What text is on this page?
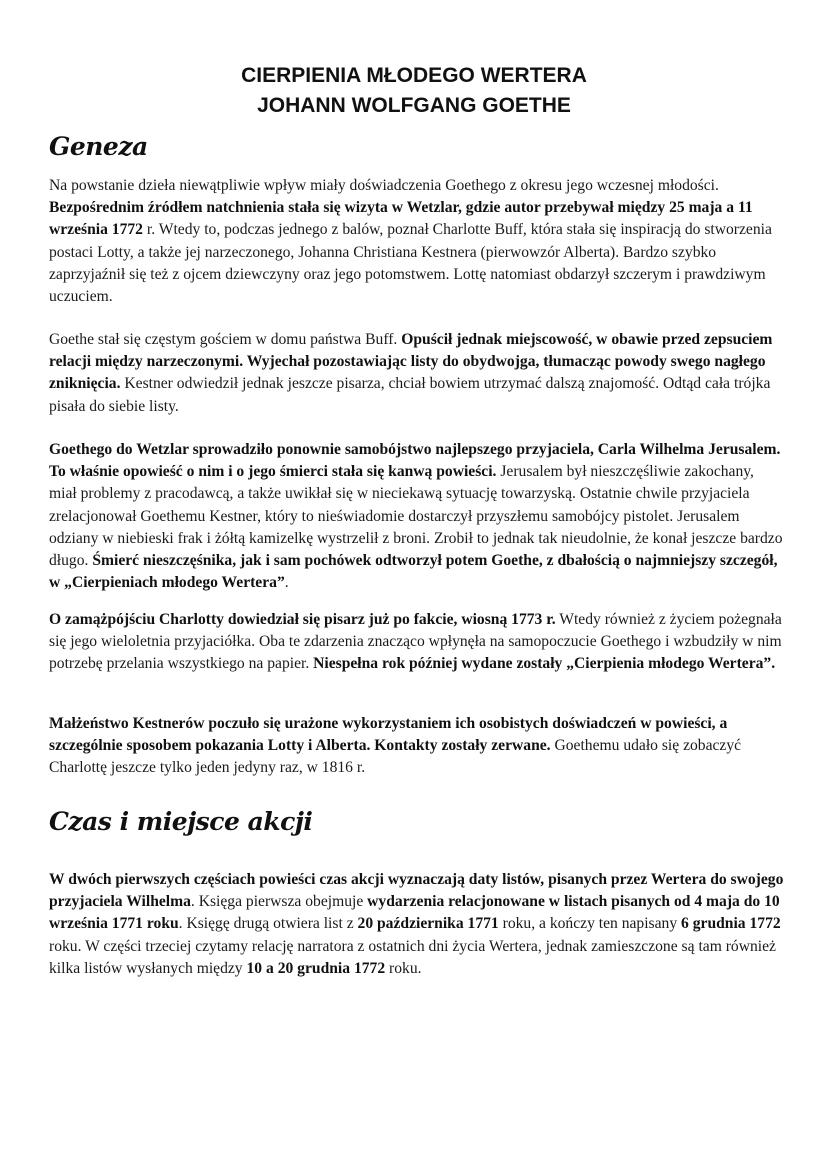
CIERPIENIA MŁODEGO WERTERA
JOHANN WOLFGANG GOETHE
Geneza
Na powstanie dzieła niewątpliwie wpływ miały doświadczenia Goethego z okresu jego wczesnej młodości. Bezpośrednim źródłem natchnienia stała się wizyta w Wetzlar, gdzie autor przebywał między 25 maja a 11 września 1772 r. Wtedy to, podczas jednego z balów, poznał Charlotte Buff, która stała się inspiracją do stworzenia postaci Lotty, a także jej narzeczonego, Johanna Christiana Kestnera (pierwowzór Alberta). Bardzo szybko zaprzyjaźnił się też z ojcem dziewczyny oraz jego potomstwem. Lottę natomiast obdarzył szczerym i prawdziwym uczuciem.
Goethe stał się częstym gościem w domu państwa Buff. Opuścił jednak miejscowość, w obawie przed zepsuciem relacji między narzeczonymi. Wyjechał pozostawiając listy do obydwojga, tłumacząc powody swego nagłego zniknięcia. Kestner odwiedził jednak jeszcze pisarza, chciał bowiem utrzymać dalszą znajomość. Odtąd cała trójka pisała do siebie listy.
Goethego do Wetzlar sprowadziło ponownie samobójstwo najlepszego przyjaciela, Carla Wilhelma Jerusalem. To właśnie opowieść o nim i o jego śmierci stała się kanwą powieści. Jerusalem był nieszczęśliwie zakochany, miał problemy z pracodawcą, a także uwikłał się w nieciekawą sytuację towarzyską. Ostatnie chwile przyjaciela zrelacjonował Goethemu Kestner, który to nieświadomie dostarczył przyszłemu samobójcy pistolet. Jerusalem odziany w niebieski frak i żółtą kamizelkę wystrzelił z broni. Zrobił to jednak tak nieudolnie, że konał jeszcze bardzo długo. Śmierć nieszczęśnika, jak i sam pochówek odtworzył potem Goethe, z dbałością o najmniejszy szczegół, w „Cierpieniach młodego Wertera”.
O zamążpójściu Charlotty dowiedział się pisarz już po fakcie, wiosną 1773 r. Wtedy również z życiem pożegnała się jego wieloletnia przyjaciółka. Oba te zdarzenia znacząco wpłynęła na samopoczucie Goethego i wzbudziły w nim potrzebę przelania wszystkiego na papier. Niespełna rok później wydane zostały „Cierpienia młodego Wertera”.
Małżeństwo Kestnerów poczuło się urażone wykorzystaniem ich osobistych doświadczeń w powieści, a szczególnie sposobem pokazania Lotty i Alberta. Kontakty zostały zerwane. Goethemu udało się zobaczyć Charlottę jeszcze tylko jeden jedyny raz, w 1816 r.
Czas i miejsce akcji
W dwóch pierwszych częściach powieści czas akcji wyznaczają daty listów, pisanych przez Wertera do swojego przyjaciela Wilhelma. Księga pierwsza obejmuje wydarzenia relacjonowane w listach pisanych od 4 maja do 10 września 1771 roku. Księgę drugą otwiera list z 20 października 1771 roku, a kończy ten napisany 6 grudnia 1772 roku. W części trzeciej czytamy relację narratora z ostatnich dni życia Wertera, jednak zamieszczone są tam również kilka listów wysłanych między 10 a 20 grudnia 1772 roku.
